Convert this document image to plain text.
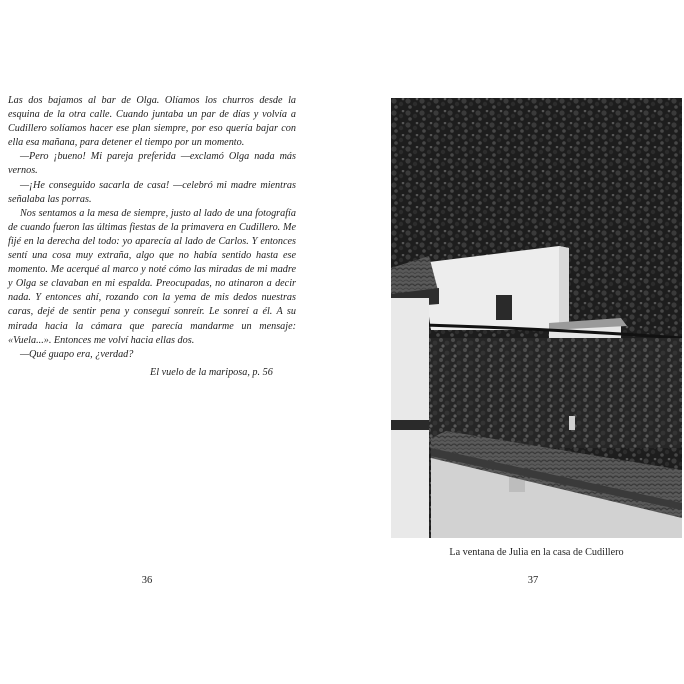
Las dos bajamos al bar de Olga. Olíamos los churros desde la esquina de la otra calle. Cuando juntaba un par de días y volvía a Cudillero solíamos hacer ese plan siempre, por eso quería bajar con ella esa mañana, para detener el tiempo por un momento.

—Pero ¡bueno! Mi pareja preferida —exclamó Olga nada más vernos.

—¡He conseguido sacarla de casa! —celebró mi madre mientras señalaba las porras.

Nos sentamos a la mesa de siempre, justo al lado de una fotografía de cuando fueron las últimas fiestas de la primavera en Cudillero. Me fijé en la derecha del todo: yo aparecía al lado de Carlos. Y entonces sentí una cosa muy extraña, algo que no había sentido hasta ese momento. Me acerqué al marco y noté cómo las miradas de mi madre y Olga se clavaban en mi espalda. Preocupadas, no atinaron a decir nada. Y entonces ahí, rozando con la yema de mis dedos nuestras caras, dejé de sentir pena y conseguí sonreír. Le sonreí a él. A su mirada hacia la cámara que parecía mandarme un mensaje: «Vuela...». Entonces me volví hacia ellas dos.

—Qué guapo era, ¿verdad?

El vuelo de la mariposa, p. 56
36
La ventana de Julia en la casa de Cudillero
37
